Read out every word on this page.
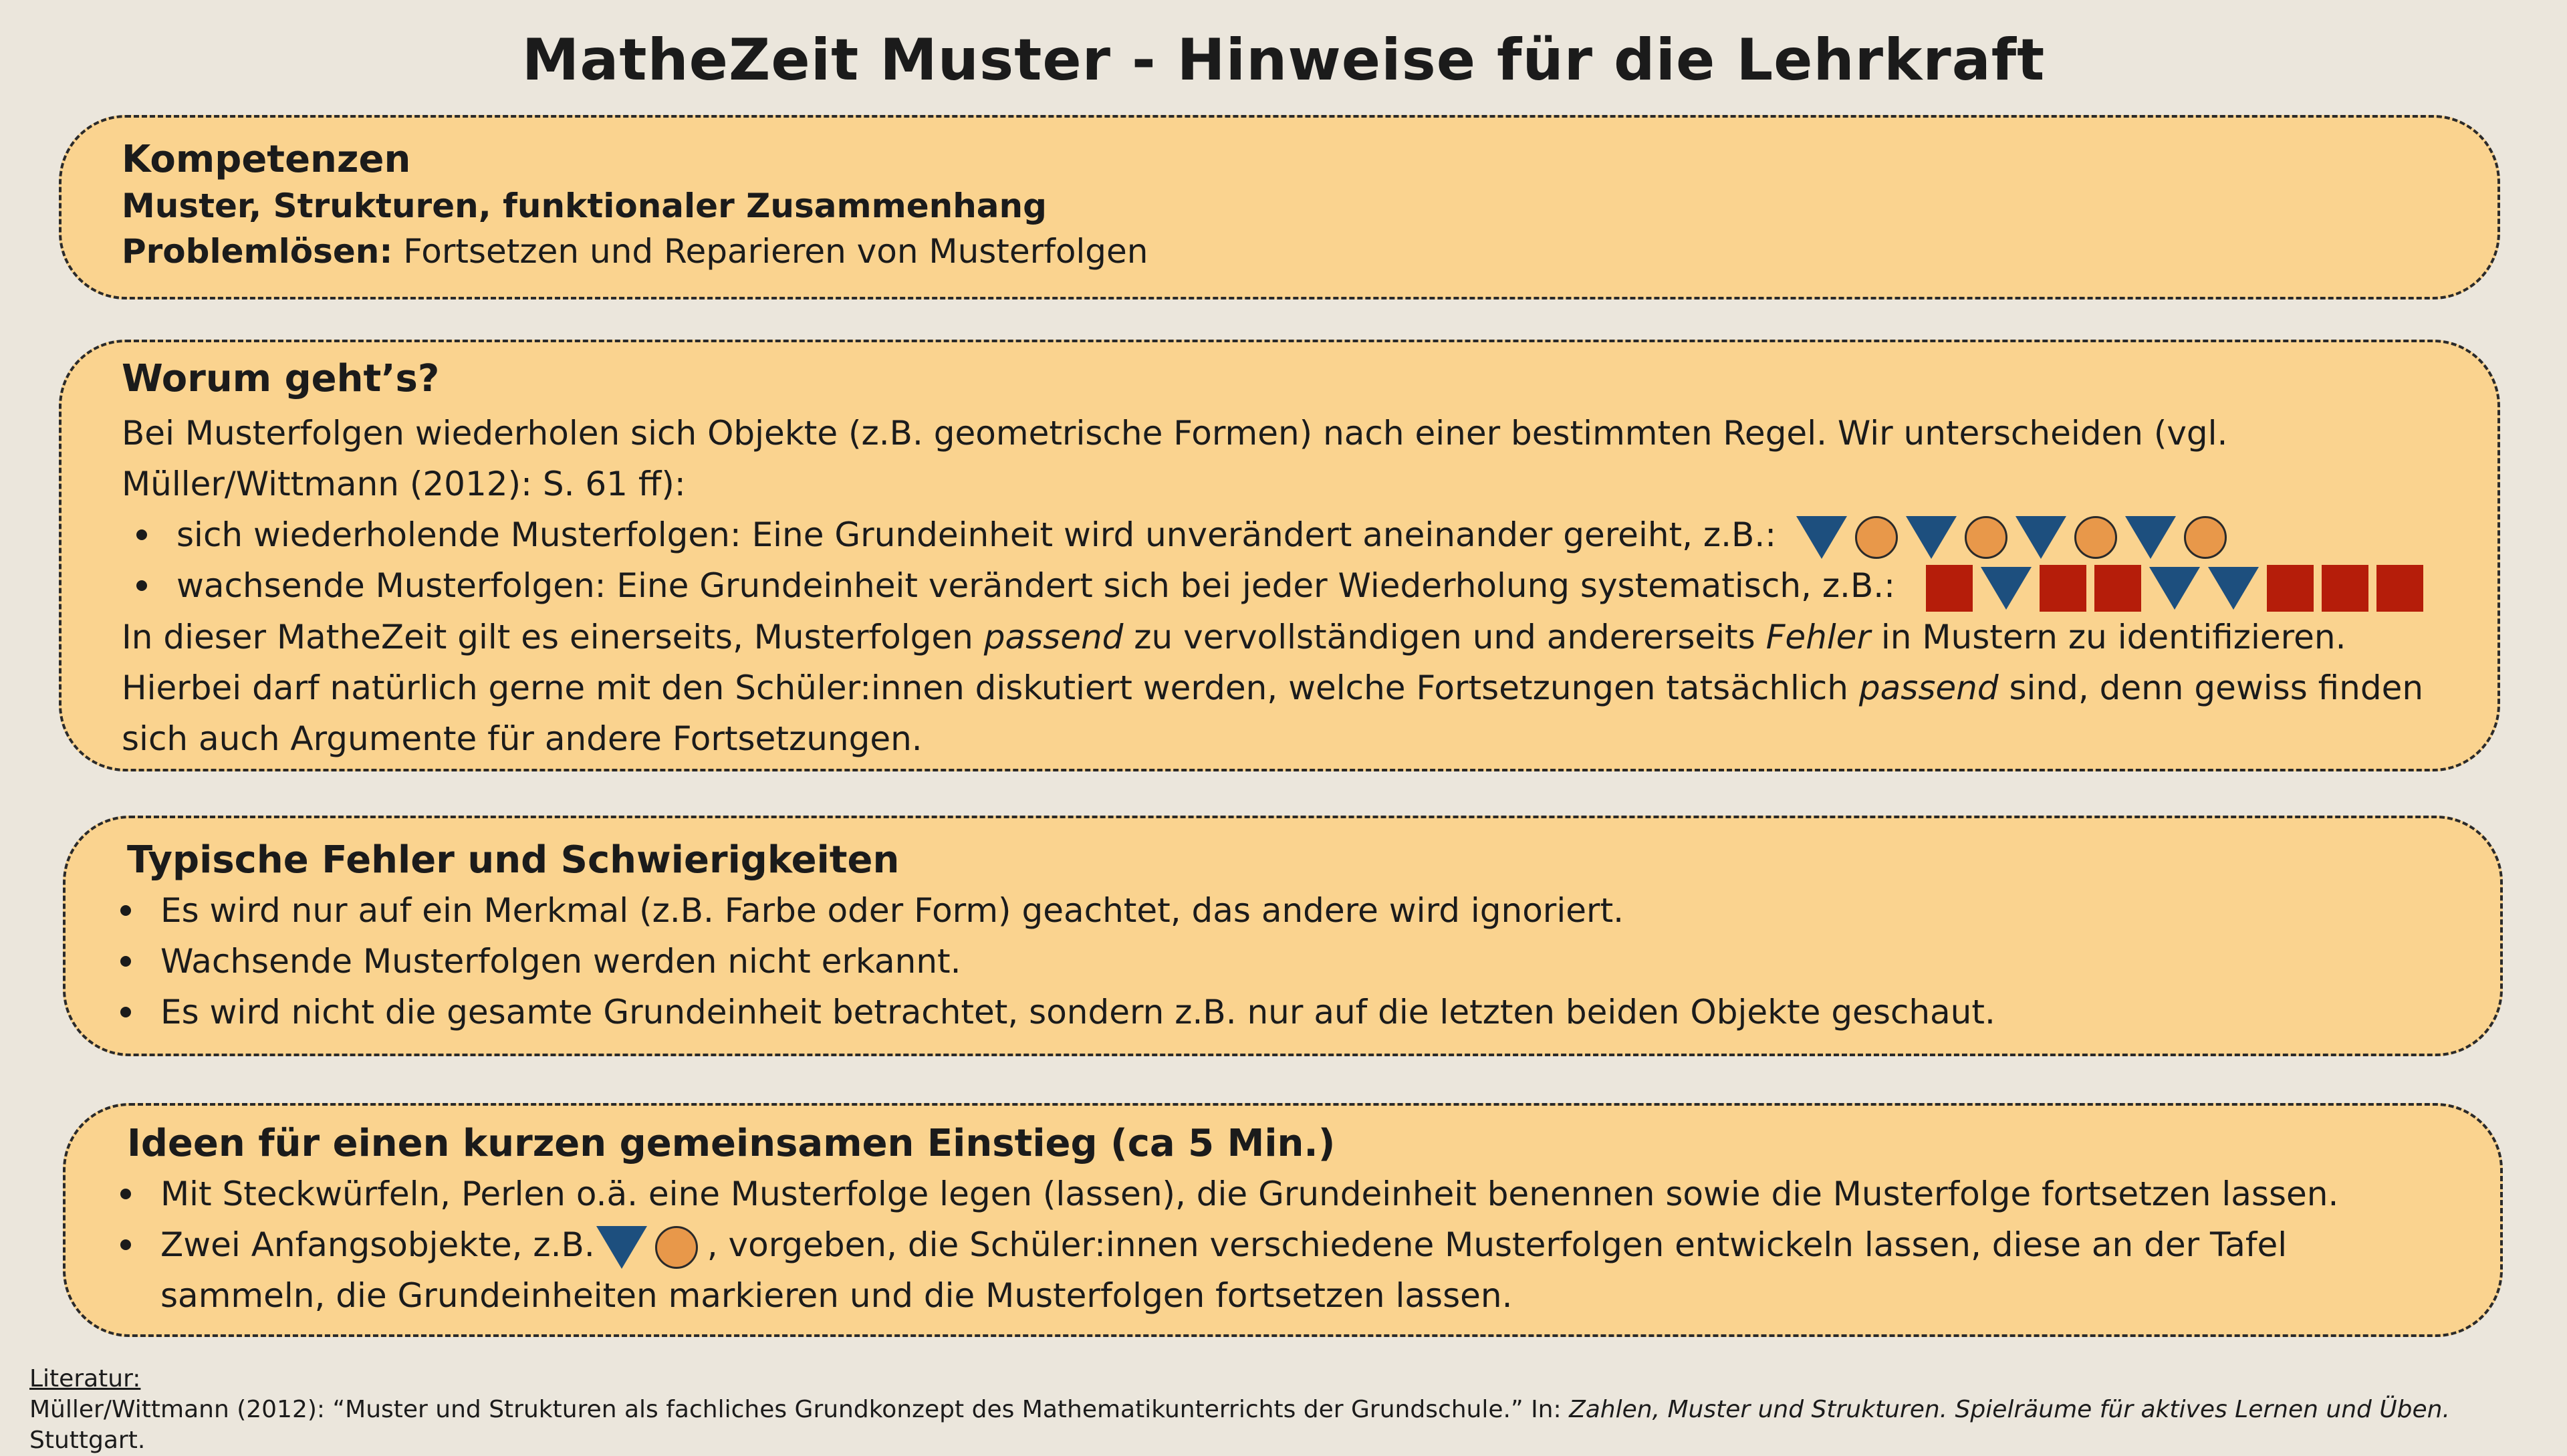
MatheZeit Muster - Hinweise für die Lehrkraft

Kompetenzen

Muster, Strukturen, funktionaler Zusammenhang

Problemlösen: Fortsetzen und Reparieren von Musterfolgen

Worum geht’s?

Bei Musterfolgen wiederholen sich Objekte (z.B. geometrische Formen) nach einer bestimmten Regel. Wir unterscheiden (vgl. Müller/Wittmann (2012): S. 61 ff):

sich wiederholende Musterfolgen: Eine Grundeinheit wird unverändert aneinander gereiht, z.B.:
wachsende Musterfolgen: Eine Grundeinheit verändert sich bei jeder Wiederholung systematisch, z.B.:

In dieser MatheZeit gilt es einerseits, Musterfolgen passend zu vervollständigen und andererseits Fehler in Mustern zu identifizieren. Hierbei darf natürlich gerne mit den Schüler:innen diskutiert werden, welche Fortsetzungen tatsächlich passend sind, denn gewiss finden sich auch Argumente für andere Fortsetzungen.

Typische Fehler und Schwierigkeiten

Es wird nur auf ein Merkmal (z.B. Farbe oder Form) geachtet, das andere wird ignoriert.
Wachsende Musterfolgen werden nicht erkannt.
Es wird nicht die gesamte Grundeinheit betrachtet, sondern z.B. nur auf die letzten beiden Objekte geschaut.

Ideen für einen kurzen gemeinsamen Einstieg (ca 5 Min.)

Mit Steckwürfeln, Perlen o.ä. eine Musterfolge legen (lassen), die Grundeinheit benennen sowie die Musterfolge fortsetzen lassen.
Zwei Anfangsobjekte, z.B.	, vorgeben, die Schüler:innen verschiedene Musterfolgen entwickeln lassen, diese an der Tafel sammeln, die Grundeinheiten markieren und die Musterfolgen fortsetzen lassen.
Literatur:
Müller/Wittmann (2012): “Muster und Strukturen als fachliches Grundkonzept des Mathematikunterrichts der Grundschule.” In: Zahlen, Muster und Strukturen. Spielräume für aktives Lernen und Üben. Stuttgart.
